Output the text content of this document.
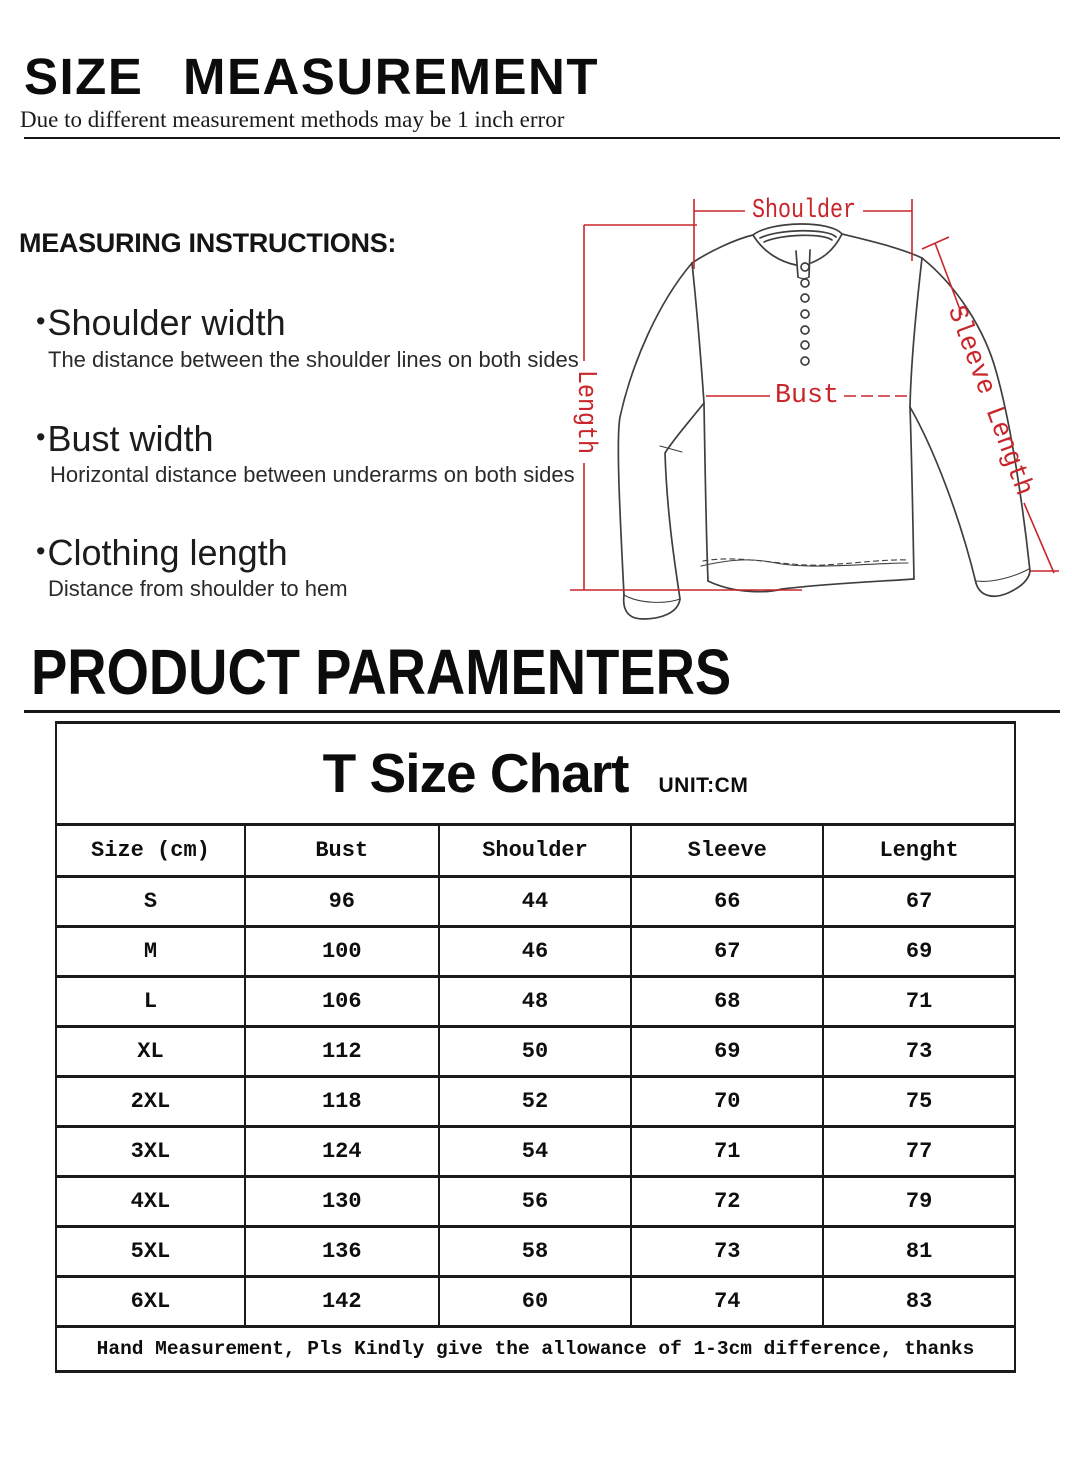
SIZE MEASUREMENT

Due to different measurement methods may be 1 inch error

MEASURING INSTRUCTIONS:

• Shoulder width

The distance between the shoulder lines on both sides

• Bust width

Horizontal distance between underarms on both sides

• Clothing length

Distance from shoulder to hem

Shoulder
Length	Bust	Sleeve Length
PRODUCT PARAMENTERS
T Size Chart UNIT:CM				

Size (cm)	Bust	Shoulder	Sleeve	Lenght
S	96	44	66	67
M	100	46	67	69
L	106	48	68	71
XL	112	50	69	73
2XL	118	52	70	75
3XL	124	54	71	77
4XL	130	56	72	79
5XL	136	58	73	81
6XL	142	60	74	83
Hand Measurement, Pls Kindly give the allowance of 1-3cm difference, thanks				
